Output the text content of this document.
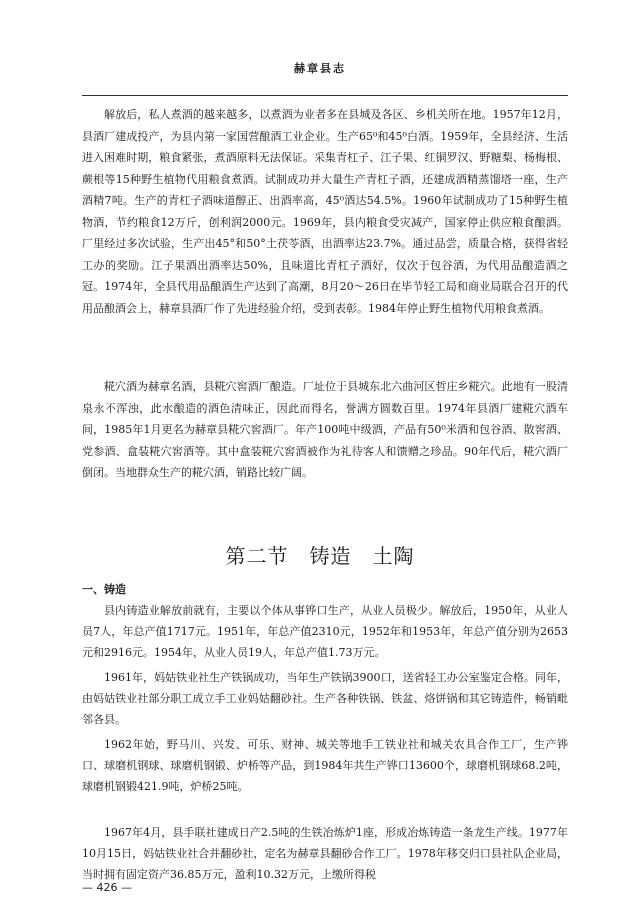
赫章县志

解放后，私人煮酒的越来越多，以煮酒为业者多在县城及各区、乡机关所在地。1957年12月，县酒厂建成投产，为县内第一家国营酿酒工业企业。生产65⁰和45⁰白酒。1959年，全县经济、生活进入困难时期，粮食紧张，煮酒原料无法保证。采集青杠子、江子果、红铜罗汉、野糖梨、杨梅根、蕨根等15种野生植物代用粮食煮酒。试制成功并大量生产青杠子酒，还建成酒精蒸馏塔一座，生产酒精7吨。生产的青杠子酒味道醇正、出酒率高，45⁰酒达54.5%。1960年试制成功了15种野生植物酒，节约粮食12万斤，创利润2000元。1969年，县内粮食受灾减产，国家停止供应粮食酿酒。厂里经过多次试验，生产出45°和50°土茯苓酒，出酒率达23.7%。通过品尝，质量合格，获得省轻工办的奖励。江子果酒出酒率达50%，且味道比青杠子酒好，仅次于包谷酒，为代用品酿造酒之冠。1974年，全县代用品酿酒生产达到了高潮，8月20～26日在毕节轻工局和商业局联合召开的代用品酿酒会上，赫章县酒厂作了先进经验介绍，受到表彰。1984年停止野生植物代用粮食煮酒。

糀穴酒为赫章名酒，县糀穴窖酒厂酿造。厂址位于县城东北六曲河区哲庄乡糀穴。此地有一股清泉永不浑浊，此水酿造的酒色清味正，因此而得名，誉满方圆数百里。1974年县酒厂建糀穴酒车间，1985年1月更名为赫章县糀穴窖酒厂。年产100吨中级酒，产品有50⁰米酒和包谷酒、散窖酒、党参酒、盒装糀穴窖酒等。其中盒装糀穴窖酒被作为礼待客人和馈赠之珍品。90年代后，糀穴酒厂倒闭。当地群众生产的糀穴酒，销路比较广阔。

第二节　铸造　土陶
一、铸造

县内铸造业解放前就有，主要以个体从事铧口生产，从业人员极少。解放后，1950年，从业人员7人，年总产值1717元。1951年，年总产值2310元，1952年和1953年，年总产值分别为2653元和2916元。1954年，从业人员19人，年总产值1.73万元。

1961年，妈姑铁业社生产铁锅成功，当年生产铁锅3900口，送省轻工办公室鉴定合格。同年，由妈姑铁业社部分职工成立手工业妈姑翻砂社。生产各种铁锅、铁盆、烙饼锅和其它铸造件，畅销毗邻各县。

1962年始，野马川、兴发、可乐、财神、城关等地手工铁业社和城关农具合作工厂，生产铧口、球磨机钢球、球磨机钢锻、炉桥等产品，到1984年共生产铧口13600个，球磨机钢球68.2吨，球磨机钢锻421.9吨，炉桥25吨。

1967年4月，县手联社建成日产2.5吨的生铁冶炼炉1座，形成冶炼铸造一条龙生产线。1977年10月15日，妈姑铁业社合并翻砂社，定名为赫章县翻砂合作工厂。1978年移交归口县社队企业局，当时拥有固定资产36.85万元，盈利10.32万元，上缴所得税

— 426 —
